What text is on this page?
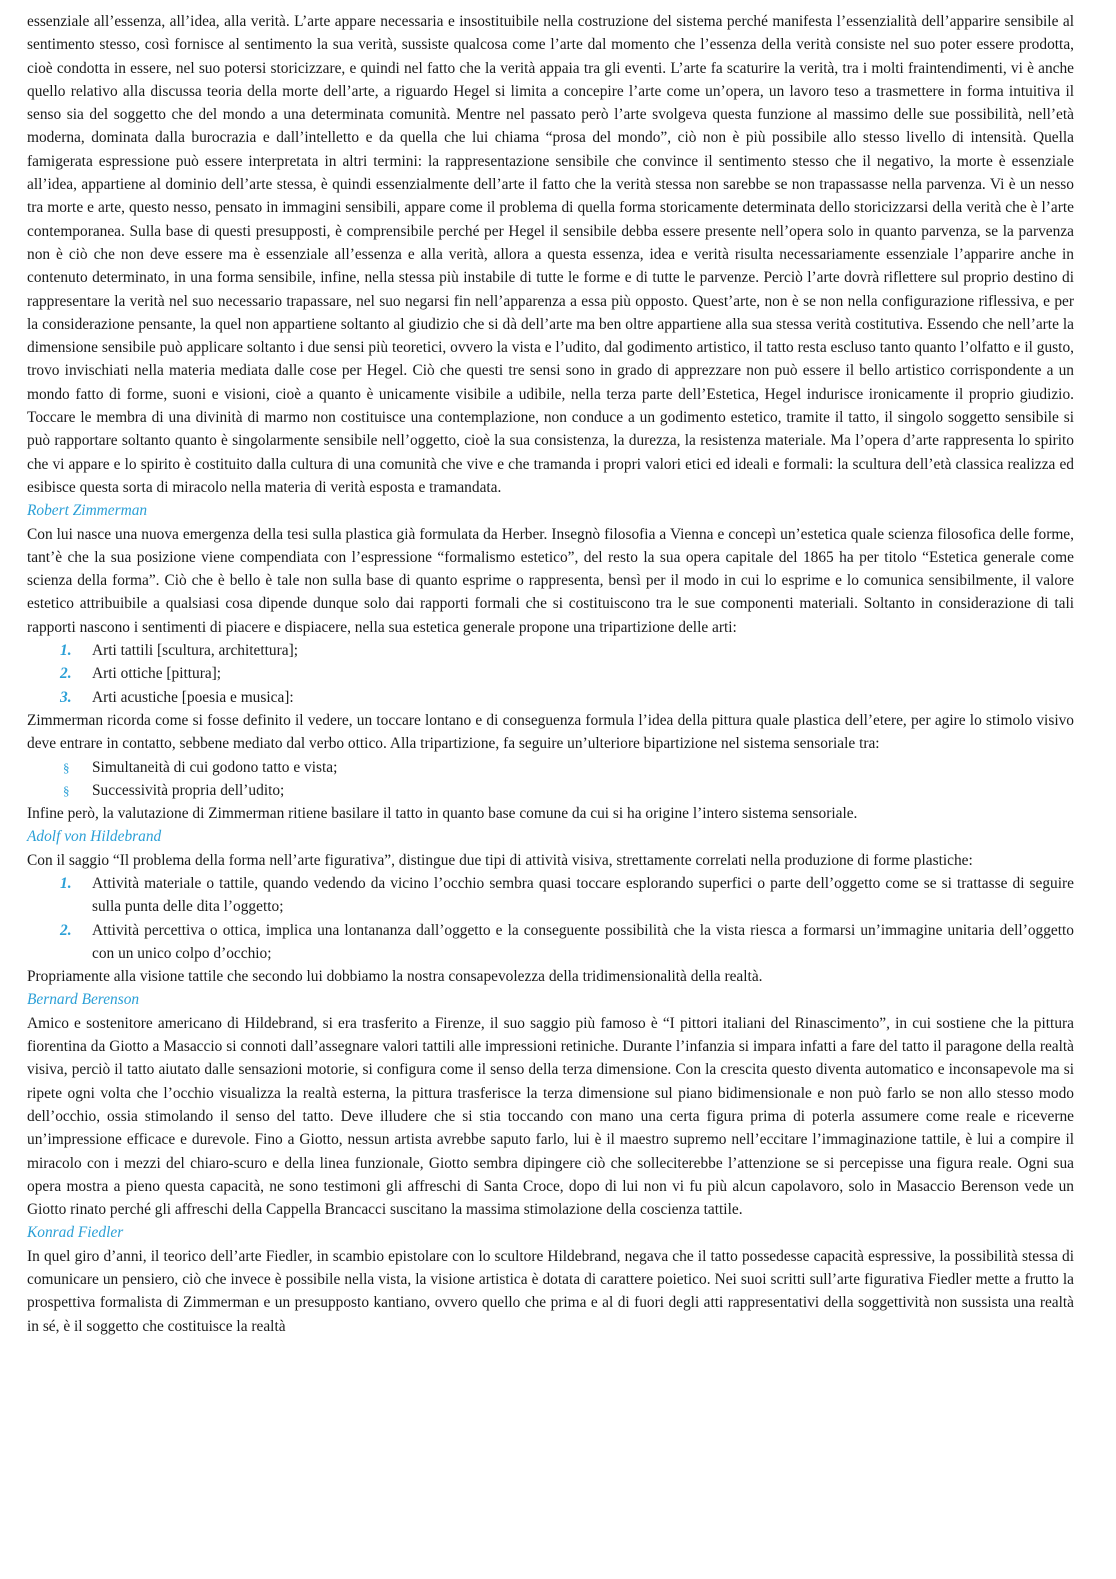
essenziale all’essenza, all’idea, alla verità. L’arte appare necessaria e insostituibile nella costruzione del sistema perché manifesta l’essenzialità dell’apparire sensibile al sentimento stesso, così fornisce al sentimento la sua verità, sussiste qualcosa come l’arte dal momento che l’essenza della verità consiste nel suo poter essere prodotta, cioè condotta in essere, nel suo potersi storicizzare, e quindi nel fatto che la verità appaia tra gli eventi. L’arte fa scaturire la verità, tra i molti fraintendimenti, vi è anche quello relativo alla discussa teoria della morte dell’arte, a riguardo Hegel si limita a concepire l’arte come un’opera, un lavoro teso a trasmettere in forma intuitiva il senso sia del soggetto che del mondo a una determinata comunità. Mentre nel passato però l’arte svolgeva questa funzione al massimo delle sue possibilità, nell’età moderna, dominata dalla burocrazia e dall’intelletto e da quella che lui chiama “prosa del mondo”, ciò non è più possibile allo stesso livello di intensità. Quella famigerata espressione può essere interpretata in altri termini: la rappresentazione sensibile che convince il sentimento stesso che il negativo, la morte è essenziale all’idea, appartiene al dominio dell’arte stessa, è quindi essenzialmente dell’arte il fatto che la verità stessa non sarebbe se non trapassasse nella parvenza. Vi è un nesso tra morte e arte, questo nesso, pensato in immagini sensibili, appare come il problema di quella forma storicamente determinata dello storicizzarsi della verità che è l’arte contemporanea. Sulla base di questi presupposti, è comprensibile perché per Hegel il sensibile debba essere presente nell’opera solo in quanto parvenza, se la parvenza non è ciò che non deve essere ma è essenziale all’essenza e alla verità, allora a questa essenza, idea e verità risulta necessariamente essenziale l’apparire anche in contenuto determinato, in una forma sensibile, infine, nella stessa più instabile di tutte le forme e di tutte le parvenze. Perciò l’arte dovrà riflettere sul proprio destino di rappresentare la verità nel suo necessario trapassare, nel suo negarsi fin nell’apparenza a essa più opposto. Quest’arte, non è se non nella configurazione riflessiva, e per la considerazione pensante, la quel non appartiene soltanto al giudizio che si dà dell’arte ma ben oltre appartiene alla sua stessa verità costitutiva. Essendo che nell’arte la dimensione sensibile può applicare soltanto i due sensi più teoretici, ovvero la vista e l’udito, dal godimento artistico, il tatto resta escluso tanto quanto l’olfatto e il gusto, trovo invischiati nella materia mediata dalle cose per Hegel. Ciò che questi tre sensi sono in grado di apprezzare non può essere il bello artistico corrispondente a un mondo fatto di forme, suoni e visioni, cioè a quanto è unicamente visibile a udibile, nella terza parte dell’Estetica, Hegel indurisce ironicamente il proprio giudizio. Toccare le membra di una divinità di marmo non costituisce una contemplazione, non conduce a un godimento estetico, tramite il tatto, il singolo soggetto sensibile si può rapportare soltanto quanto è singolarmente sensibile nell’oggetto, cioè la sua consistenza, la durezza, la resistenza materiale. Ma l’opera d’arte rappresenta lo spirito che vi appare e lo spirito è costituito dalla cultura di una comunità che vive e che tramanda i propri valori etici ed ideali e formali: la scultura dell’età classica realizza ed esibisce questa sorta di miracolo nella materia di verità esposta e tramandata.

Robert Zimmerman

Con lui nasce una nuova emergenza della tesi sulla plastica già formulata da Herber. Insegnò filosofia a Vienna e concepì un’estetica quale scienza filosofica delle forme, tant’è che la sua posizione viene compendiata con l’espressione “formalismo estetico”, del resto la sua opera capitale del 1865 ha per titolo “Estetica generale come scienza della forma”. Ciò che è bello è tale non sulla base di quanto esprime o rappresenta, bensì per il modo in cui lo esprime e lo comunica sensibilmente, il valore estetico attribuibile a qualsiasi cosa dipende dunque solo dai rapporti formali che si costituiscono tra le sue componenti materiali. Soltanto in considerazione di tali rapporti nascono i sentimenti di piacere e dispiacere, nella sua estetica generale propone una tripartizione delle arti:

1.	Arti tattili [scultura, architettura];
2.	Arti ottiche [pittura];
3.	Arti acustiche [poesia e musica]:

Zimmerman ricorda come si fosse definito il vedere, un toccare lontano e di conseguenza formula l’idea della pittura quale plastica dell’etere, per agire lo stimolo visivo deve entrare in contatto, sebbene mediato dal verbo ottico. Alla tripartizione, fa seguire un’ulteriore bipartizione nel sistema sensoriale tra:

§	Simultaneità di cui godono tatto e vista;
§	Successività propria dell’udito;

Infine però, la valutazione di Zimmerman ritiene basilare il tatto in quanto base comune da cui si ha origine l’intero sistema sensoriale.

Adolf von Hildebrand

Con il saggio “Il problema della forma nell’arte figurativa”, distingue due tipi di attività visiva, strettamente correlati nella produzione di forme plastiche:

1.	Attività materiale o tattile, quando vedendo da vicino l’occhio sembra quasi toccare esplorando superfici o parte dell’oggetto come se si trattasse di seguire sulla punta delle dita l’oggetto;
2.	Attività percettiva o ottica, implica una lontananza dall’oggetto e la conseguente possibilità che la vista riesca a formarsi un’immagine unitaria dell’oggetto con un unico colpo d’occhio;

Propriamente alla visione tattile che secondo lui dobbiamo la nostra consapevolezza della tridimensionalità della realtà.

Bernard Berenson

Amico e sostenitore americano di Hildebrand, si era trasferito a Firenze, il suo saggio più famoso è “I pittori italiani del Rinascimento”, in cui sostiene che la pittura fiorentina da Giotto a Masaccio si connoti dall’assegnare valori tattili alle impressioni retiniche. Durante l’infanzia si impara infatti a fare del tatto il paragone della realtà visiva, perciò il tatto aiutato dalle sensazioni motorie, si configura come il senso della terza dimensione. Con la crescita questo diventa automatico e inconsapevole ma si ripete ogni volta che l’occhio visualizza la realtà esterna, la pittura trasferisce la terza dimensione sul piano bidimensionale e non può farlo se non allo stesso modo dell’occhio, ossia stimolando il senso del tatto. Deve illudere che si stia toccando con mano una certa figura prima di poterla assumere come reale e riceverne un’impressione efficace e durevole. Fino a Giotto, nessun artista avrebbe saputo farlo, lui è il maestro supremo nell’eccitare l’immaginazione tattile, è lui a compire il miracolo con i mezzi del chiaro-scuro e della linea funzionale, Giotto sembra dipingere ciò che solleciterebbe l’attenzione se si percepisse una figura reale. Ogni sua opera mostra a pieno questa capacità, ne sono testimoni gli affreschi di Santa Croce, dopo di lui non vi fu più alcun capolavoro, solo in Masaccio Berenson vede un Giotto rinato perché gli affreschi della Cappella Brancacci suscitano la massima stimolazione della coscienza tattile.

Konrad Fiedler

In quel giro d’anni, il teorico dell’arte Fiedler, in scambio epistolare con lo scultore Hildebrand, negava che il tatto possedesse capacità espressive, la possibilità stessa di comunicare un pensiero, ciò che invece è possibile nella vista, la visione artistica è dotata di carattere poietico. Nei suoi scritti sull’arte figurativa Fiedler mette a frutto la prospettiva formalista di Zimmerman e un presupposto kantiano, ovvero quello che prima e al di fuori degli atti rappresentativi della soggettività non sussista una realtà in sé, è il soggetto che costituisce la realtà
